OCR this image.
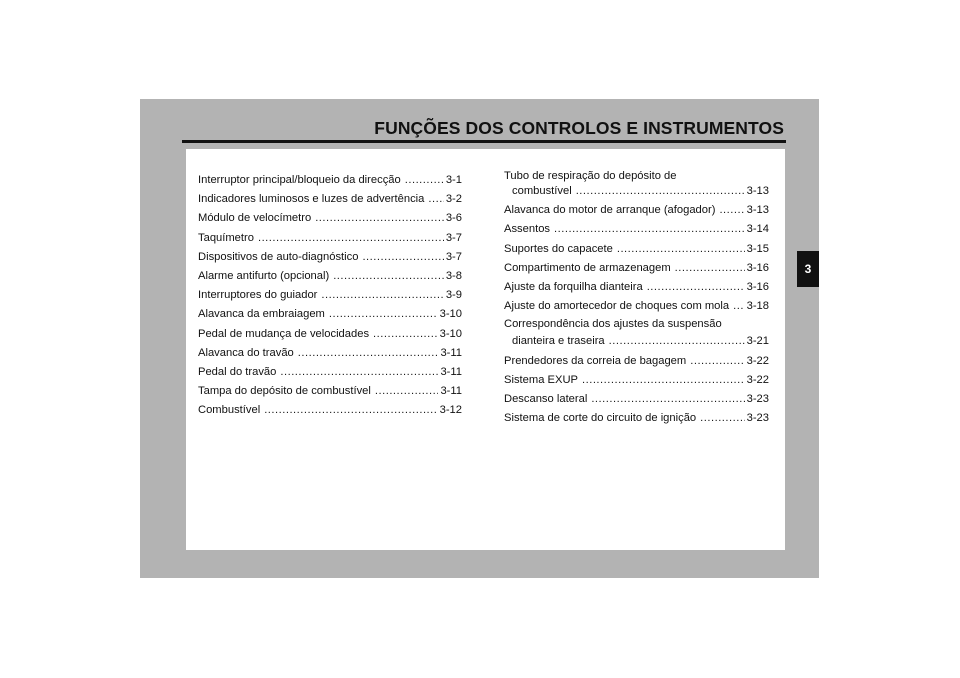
FUNÇÕES DOS CONTROLOS E INSTRUMENTOS
Interruptor principal/bloqueio da direcção .....	3-1
Indicadores luminosos e luzes de advertência ..... 3-2
Módulo de velocímetro .....	3-6
Taquímetro .....	3-7
Dispositivos de auto-diagnóstico .....	3-7
Alarme antifurto (opcional) .....	3-8
Interruptores do guiador .....	3-9
Alavanca da embraiagem .....	3-10
Pedal de mudança de velocidades .....	3-10
Alavanca do travão .....	3-11
Pedal do travão .....	3-11
Tampa do depósito de combustível .....	3-11
Combustível .....	3-12
Tubo de respiração do depósito de
combustível .....	3-13
Alavanca do motor de arranque (afogador) .....	3-13
Assentos .....	3-14
Suportes do capacete .....	3-15
Compartimento de armazenagem .....	3-16
Ajuste da forquilha dianteira .....	3-16
Ajuste do amortecedor de choques com mola ..... 3-18
Correspondência dos ajustes da suspensão
dianteira e traseira .....	3-21
Prendedores da correia de bagagem .....	3-22
Sistema EXUP .....	3-22
Descanso lateral .....	3-23
Sistema de corte do circuito de ignição .....	3-23
3
